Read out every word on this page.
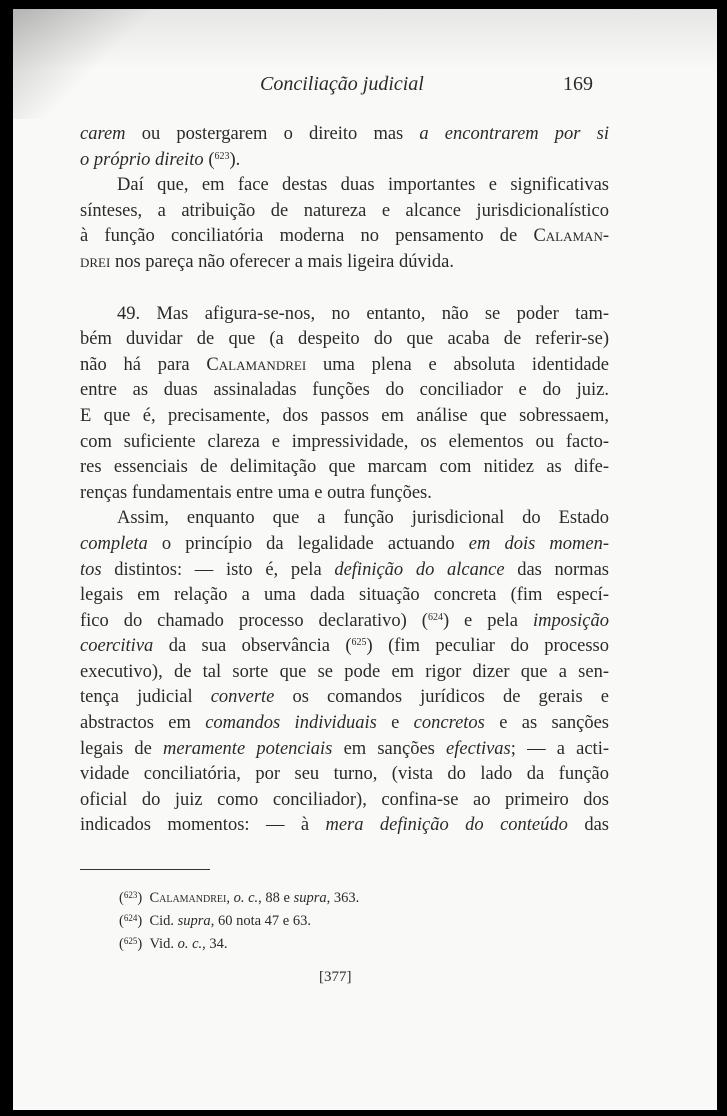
Conciliação judicial	169
carem ou postergarem o direito mas a encontrarem por si
o próprio direito ($^{623}$).
Daí que, em face destas duas importantes e significativas
sínteses, a atribuição de natureza e alcance jurisdicionalístico
à função conciliatória moderna no pensamento de Calaman-
drei nos pareça não oferecer a mais ligeira dúvida.
49. Mas afigura-se-nos, no entanto, não se poder tam-
bém duvidar de que (a despeito do que acaba de referir-se)
não há para Calamandrei uma plena e absoluta identidade
entre as duas assinaladas funções do conciliador e do juiz.
E que é, precisamente, dos passos em análise que sobressaem,
com suficiente clareza e impressividade, os elementos ou facto-
res essenciais de delimitação que marcam com nitidez as dife-
renças fundamentais entre uma e outra funções.
Assim, enquanto que a função jurisdicional do Estado
completa o princípio da legalidade actuando em dois momen-
tos distintos: — isto é, pela definição do alcance das normas
legais em relação a uma dada situação concreta (fim especí-
fico do chamado processo declarativo) ($^{624}$) e pela imposição
coercitiva da sua observância ($^{625}$) (fim peculiar do processo
executivo), de tal sorte que se pode em rigor dizer que a sen-
tença judicial converte os comandos jurídicos de gerais e
abstractos em comandos individuais e concretos e as sanções
legais de meramente potenciais em sanções efectivas; — a acti-
vidade conciliatória, por seu turno, (vista do lado da função
oficial do juiz como conciliador), confina-se ao primeiro dos
indicados momentos: — à mera definição do conteúdo das
($^{623}$)  Calamandrei, o. c., 88 e supra, 363.
($^{624}$)  Cid. supra, 60 nota 47 e 63.
($^{625}$)  Vid. o. c., 34.
[377]
